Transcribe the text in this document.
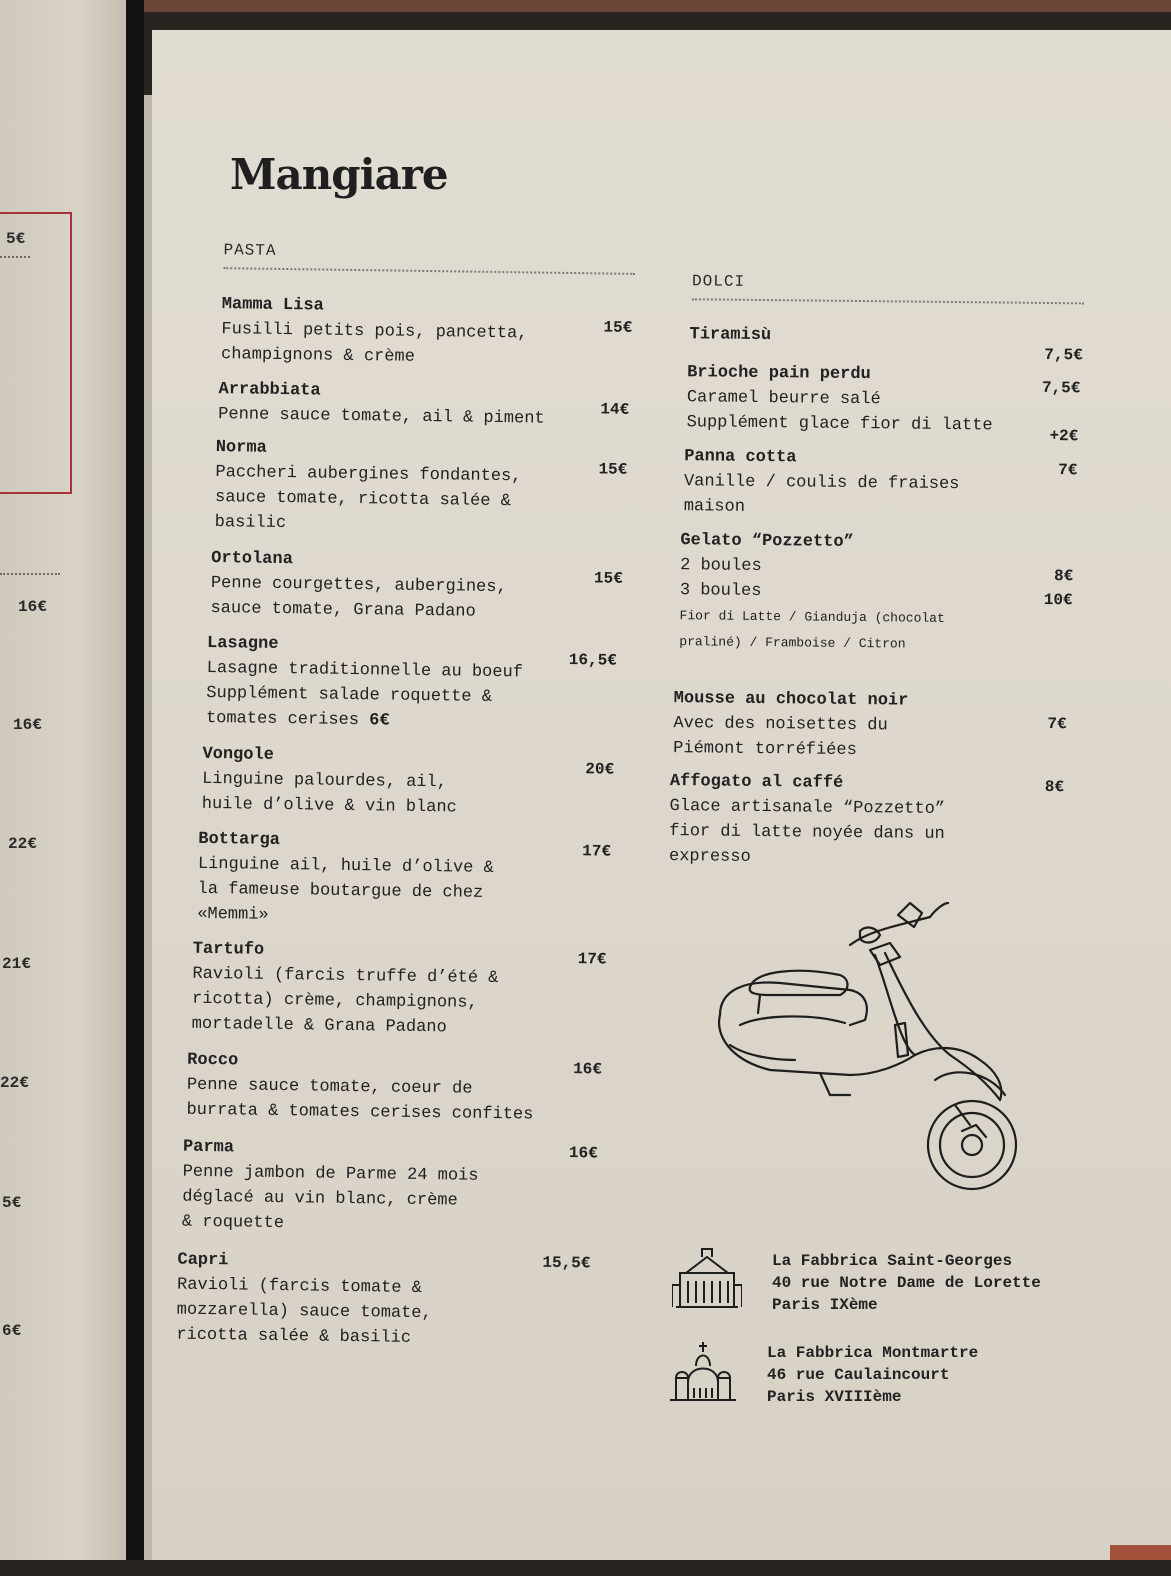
5€
16€
16€
22€
21€
22€
5€
6€
Mangiare
PASTA
Mamma Lisa
Fusilli petits pois, pancetta,
champignons & crème
15€
Arrabbiata
Penne sauce tomate, ail & piment	14€
Norma
Paccheri aubergines fondantes,
sauce tomate, ricotta salée &
basilic
15€
Ortolana
Penne courgettes, aubergines,
sauce tomate, Grana Padano
15€
Lasagne
Lasagne traditionnelle au boeuf
Supplément salade roquette &
tomates cerises 6€
16,5€
Vongole
Linguine palourdes, ail,
huile d’olive & vin blanc
20€
Bottarga
Linguine ail, huile d’olive &
la fameuse boutargue de chez
«Memmi»
17€
Tartufo
Ravioli (farcis truffe d’été &
ricotta) crème, champignons,
mortadelle & Grana Padano
17€
Rocco
Penne sauce tomate, coeur de
burrata & tomates cerises confites
16€
Parma
Penne jambon de Parme 24 mois
déglacé au vin blanc, crème
& roquette
16€
Capri
Ravioli (farcis tomate &
mozzarella) sauce tomate,
ricotta salée & basilic
15,5€
DOLCI
Tiramisù
7,5€
Brioche pain perdu
Caramel beurre salé
Supplément glace fior di latte
7,5€
+2€
Panna cotta
Vanille / coulis de fraises
maison
7€
Gelato “Pozzetto”
2 boules
3 boules
Fior di Latte / Gianduja (chocolat
praliné) / Framboise / Citron
8€
10€
Mousse au chocolat noir
Avec des noisettes du
Piémont torréfiées
7€
Affogato al caffé
Glace artisanale “Pozzetto”
fior di latte noyée dans un
expresso
8€
La Fabbrica Saint-Georges
40 rue Notre Dame de Lorette
Paris IXème
La Fabbrica Montmartre
46 rue Caulaincourt
Paris XVIIIème
